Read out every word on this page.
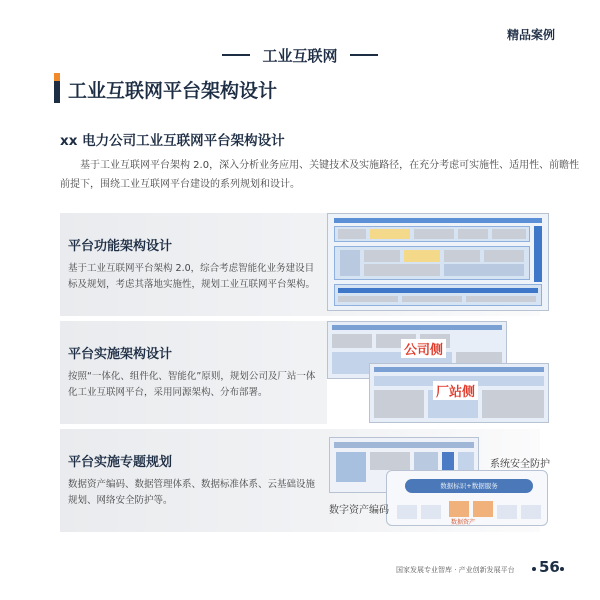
精品案例
工业互联网
工业互联网平台架构设计
xx 电力公司工业互联网平台架构设计
基于工业互联网平台架构 2.0，深入分析业务应用、关键技术及实施路径，在充分考虑可实施性、适用性、前瞻性前提下，围绕工业互联网平台建设的系列规划和设计。
平台功能架构设计
基于工业互联网平台架构 2.0，综合考虑智能化业务建设目标及规划，考虑其落地实施性，规划工业互联网平台架构。
平台实施架构设计
按照“一体化、组件化、智能化”原则，规划公司及厂站一体化工业互联网平台，采用同源架构、分布部署。
公司侧
厂站侧
平台实施专题规划
数据资产编码、数据管理体系、数据标准体系、云基础设施规划、网络安全防护等。
系统安全防护
数据标识+数据服务
数据资产
数字资产编码
国家发展专业智库 · 产业创新发展平台 56
